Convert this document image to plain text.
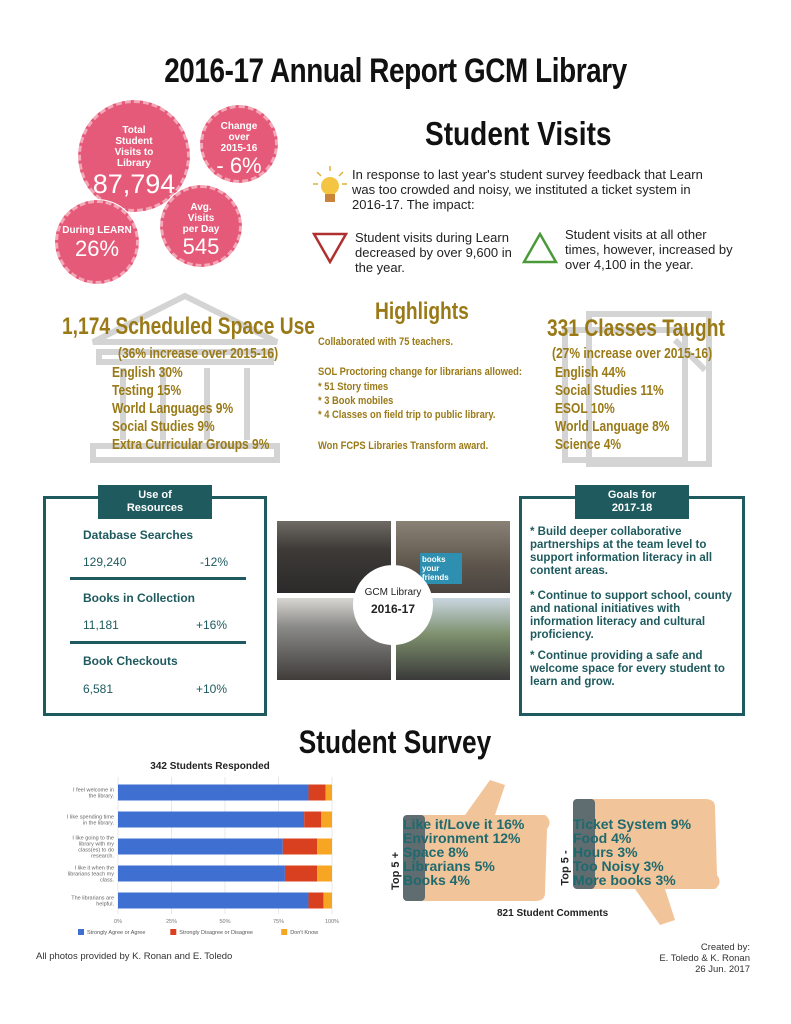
2016-17 Annual Report GCM Library
Total Student Visits to Library
87,794
Change over 2015-16
- 6%
During LEARN
26%
Avg. Visits per Day
545
Student Visits
In response to last year's student survey feedback that Learn was too crowded and noisy, we instituted a ticket system in 2016-17. The impact:
Student visits during Learn decreased by over 9,600 in the year.
Student visits at all other times, however, increased by over 4,100 in the year.
1,174 Scheduled Space Use
(36% increase over 2015-16)
English 30%
Testing 15%
World Languages 9%
Social Studies 9%
Extra Curricular Groups 9%
Highlights
Collaborated with 75 teachers.
SOL Proctoring change for librarians allowed:
* 51 Story times
* 3 Book mobiles
* 4 Classes on field trip to public library.
Won FCPS Libraries Transform award.
331 Classes Taught
(27% increase over 2015-16)
English 44%
Social Studies 11%
ESOL 10%
World Language 8%
Science 4%
Use of
Resources
Database Searches
129,240	-12%
Books in Collection
11,181	+16%
Book Checkouts
6,581	+10%
books your friends
GCM Library
2016-17
Goals for
2017-18
* Build deeper collaborative partnerships at the team level to support information literacy in all content areas.
* Continue to support school, county and national initiatives with information literacy and cultural proficiency.
* Continue providing a safe and welcome space for every student to learn and grow.
Student Survey
342 Students Responded
0%	25%	50%	75%	100%
I feel welcome in the library.
I like spending time in the library.
I like going to the library with my class(es) to do research.
I like it when the librarians teach my class.
The librarians are helpful.
Strongly Agree or Agree	Strongly Disagree or Disagree	Don't Know
Top 5 +
Like it/Love it 16%
Environment 12%
Space 8%
Librarians 5%
Books 4%	Top 5 -
Ticket System 9%
Food 4%
Hours 3%
Too Noisy 3%
More books 3%
821 Student Comments
All photos provided by K. Ronan and E. Toledo
Created by:
E. Toledo & K. Ronan
26 Jun. 2017
